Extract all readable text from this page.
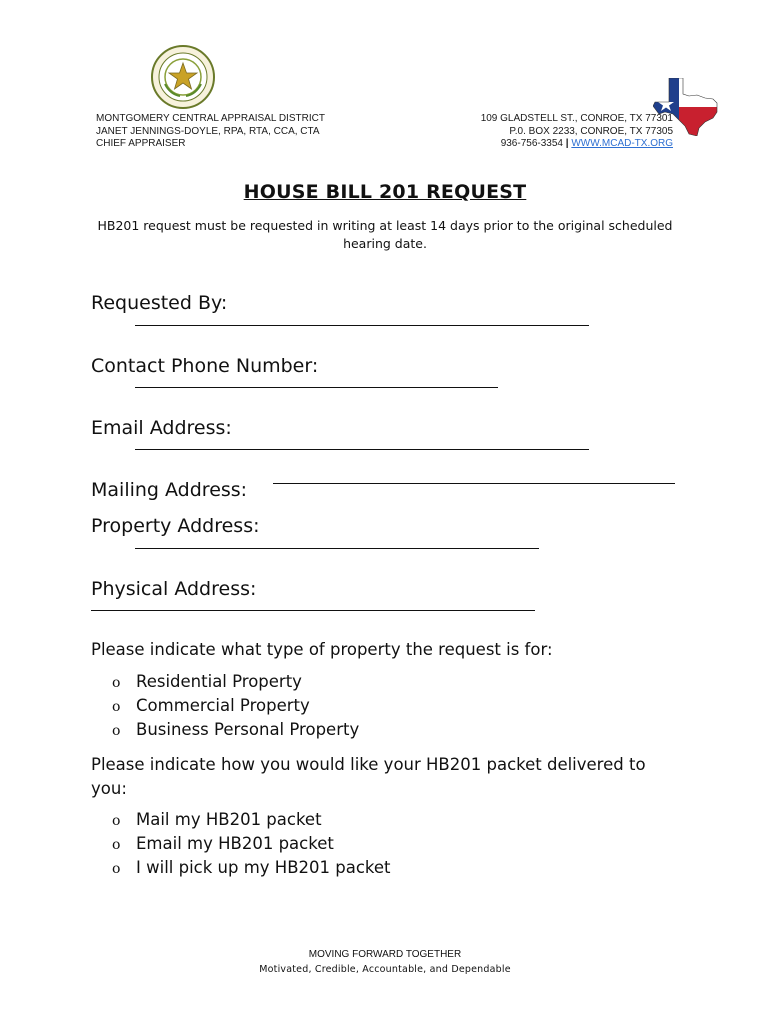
MONTGOMERY CENTRAL APPRAISAL DISTRICT
JANET JENNINGS-DOYLE, RPA, RTA, CCA, CTA
CHIEF APPRAISER
109 GLADSTELL ST., CONROE, TX 77301
P.0. BOX 2233, CONROE, TX 77305
936-756-3354 | WWW.MCAD-TX.ORG
HOUSE BILL 201 REQUEST
HB201 request must be requested in writing at least 14 days prior to the original scheduled hearing date.
Requested By:
Contact Phone Number:
Email Address:
Mailing Address:
Property Address:
Physical Address:
Please indicate what type of property the request is for:
o Residential Property
o Commercial Property
o Business Personal Property
Please indicate how you would like your HB201 packet delivered to you:
o Mail my HB201 packet
o Email my HB201 packet
o I will pick up my HB201 packet
MOVING FORWARD TOGETHER
Motivated, Credible, Accountable, and Dependable
